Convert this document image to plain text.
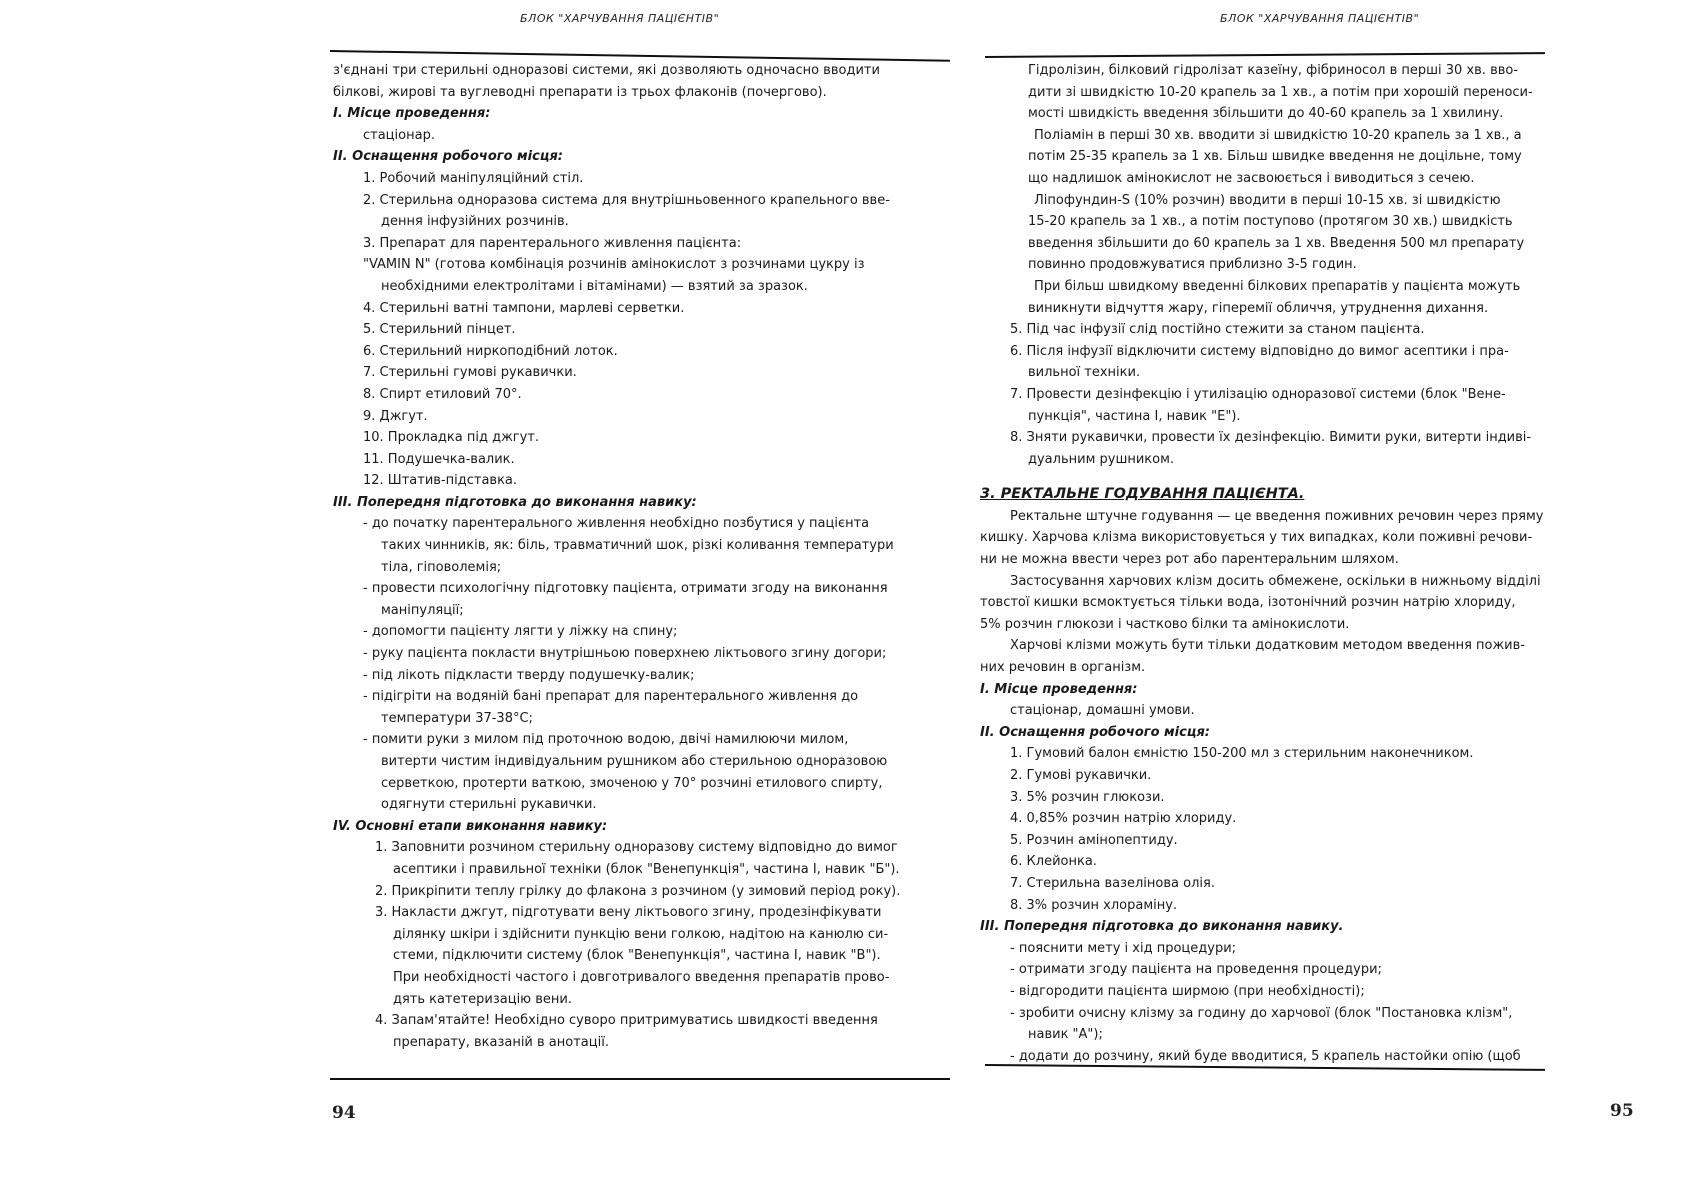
БЛОК "ХАРЧУВАННЯ ПАЦІЄНТІВ"
з'єднані три стерильні одноразові системи, які дозволяють одночасно вводити
білкові, жирові та вуглеводні препарати із трьох флаконів (почергово).
I. Місце проведення:
стаціонар.
II. Оснащення робочого місця:
1. Робочий маніпуляційний стіл.
2. Стерильна одноразова система для внутрішньовенного крапельного вве-
дення інфузійних розчинів.
3. Препарат для парентерального живлення пацієнта:
"VAMIN N" (готова комбінація розчинів амінокислот з розчинами цукру із
необхідними електролітами і вітамінами) — взятий за зразок.
4. Стерильні ватні тампони, марлеві серветки.
5. Стерильний пінцет.
6. Стерильний ниркоподібний лоток.
7. Стерильні гумові рукавички.
8. Спирт етиловий 70°.
9. Джгут.
10. Прокладка під джгут.
11. Подушечка-валик.
12. Штатив-підставка.
III. Попередня підготовка до виконання навику:
- до початку парентерального живлення необхідно позбутися у пацієнта
таких чинників, як: біль, травматичний шок, різкі коливання температури
тіла, гіповолемія;
- провести психологічну підготовку пацієнта, отримати згоду на виконання
маніпуляції;
- допомогти пацієнту лягти у ліжку на спину;
- руку пацієнта покласти внутрішньою поверхнею ліктьового згину догори;
- під лікоть підкласти тверду подушечку-валик;
- підігріти на водяній бані препарат для парентерального живлення до
температури 37-38°С;
- помити руки з милом під проточною водою, двічі намилюючи милом,
витерти чистим індивідуальним рушником або стерильною одноразовою
серветкою, протерти ваткою, змоченою у 70° розчині етилового спирту,
одягнути стерильні рукавички.
IV. Основні етапи виконання навику:
1. Заповнити розчином стерильну одноразову систему відповідно до вимог
асептики і правильної техніки (блок "Венепункція", частина І, навик "Б").
2. Прикріпити теплу грілку до флакона з розчином (у зимовий період року).
3. Накласти джгут, підготувати вену ліктьового згину, продезінфікувати
ділянку шкіри і здійснити пункцію вени голкою, надітою на канюлю си-
стеми, підключити систему (блок "Венепункція", частина І, навик "В").
При необхідності частого і довготривалого введення препаратів прово-
дять катетеризацію вени.
4. Запам'ятайте! Необхідно суворо притримуватись швидкості введення
препарату, вказаній в анотації.
94
БЛОК "ХАРЧУВАННЯ ПАЦІЄНТІВ"
Гідролізин, білковий гідролізат казеїну, фібриносол в перші 30 хв. вво-
дити зі швидкістю 10-20 крапель за 1 хв., а потім при хорошій переноси-
мості швидкість введення збільшити до 40-60 крапель за 1 хвилину.
Поліамін в перші 30 хв. вводити зі швидкістю 10-20 крапель за 1 хв., а
потім 25-35 крапель за 1 хв. Більш швидке введення не доцільне, тому
що надлишок амінокислот не засвоюється і виводиться з сечею.
Ліпофундин-S (10% розчин) вводити в перші 10-15 хв. зі швидкістю
15-20 крапель за 1 хв., а потім поступово (протягом 30 хв.) швидкість
введення збільшити до 60 крапель за 1 хв. Введення 500 мл препарату
повинно продовжуватися приблизно 3-5 годин.
При більш швидкому введенні білкових препаратів у пацієнта можуть
виникнути відчуття жару, гіперемії обличчя, утруднення дихання.
5. Під час інфузії слід постійно стежити за станом пацієнта.
6. Після інфузії відключити систему відповідно до вимог асептики і пра-
вильної техніки.
7. Провести дезінфекцію і утилізацію одноразової системи (блок "Вене-
пункція", частина І, навик "Е").
8. Зняти рукавички, провести їх дезінфекцію. Вимити руки, витерти індиві-
дуальним рушником.
3. РЕКТАЛЬНЕ ГОДУВАННЯ ПАЦІЄНТА.
Ректальне штучне годування — це введення поживних речовин через пряму
кишку. Харчова клізма використовується у тих випадках, коли поживні речови-
ни не можна ввести через рот або парентеральним шляхом.
Застосування харчових клізм досить обмежене, оскільки в нижньому відділі
товстої кишки всмоктується тільки вода, ізотонічний розчин натрію хлориду,
5% розчин глюкози і частково білки та амінокислоти.
Харчові клізми можуть бути тільки додатковим методом введення пожив-
них речовин в організм.
I. Місце проведення:
стаціонар, домашні умови.
II. Оснащення робочого місця:
1. Гумовий балон ємністю 150-200 мл з стерильним наконечником.
2. Гумові рукавички.
3. 5% розчин глюкози.
4. 0,85% розчин натрію хлориду.
5. Розчин амінопептиду.
6. Клейонка.
7. Стерильна вазелінова олія.
8. 3% розчин хлораміну.
III. Попередня підготовка до виконання навику.
- пояснити мету і хід процедури;
- отримати згоду пацієнта на проведення процедури;
- відгородити пацієнта ширмою (при необхідності);
- зробити очисну клізму за годину до харчової (блок "Постановка клізм",
навик "А");
- додати до розчину, який буде вводитися, 5 крапель настойки опію (щоб
95
